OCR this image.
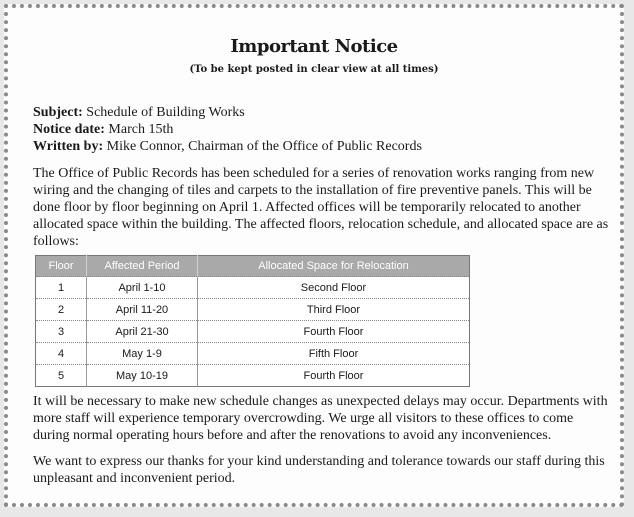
Important Notice
(To be kept posted in clear view at all times)
Subject: Schedule of Building Works
Notice date: March 15th
Written by: Mike Connor, Chairman of the Office of Public Records

The Office of Public Records has been scheduled for a series of renovation works ranging from new wiring and the changing of tiles and carpets to the installation of fire preventive panels. This will be done floor by floor beginning on April 1. Affected offices will be temporarily relocated to another allocated space within the building. The affected floors, relocation schedule, and allocated space are as follows:

Floor	Affected Period	Allocated Space for Relocation
1	April 1-10	Second Floor
2	April 11-20	Third Floor
3	April 21-30	Fourth Floor
4	May 1-9	Fifth Floor
5	May 10-19	Fourth Floor

It will be necessary to make new schedule changes as unexpected delays may occur. Departments with more staff will experience temporary overcrowding. We urge all visitors to these offices to come during normal operating hours before and after the renovations to avoid any inconveniences.

We want to express our thanks for your kind understanding and tolerance towards our staff during this unpleasant and inconvenient period.
